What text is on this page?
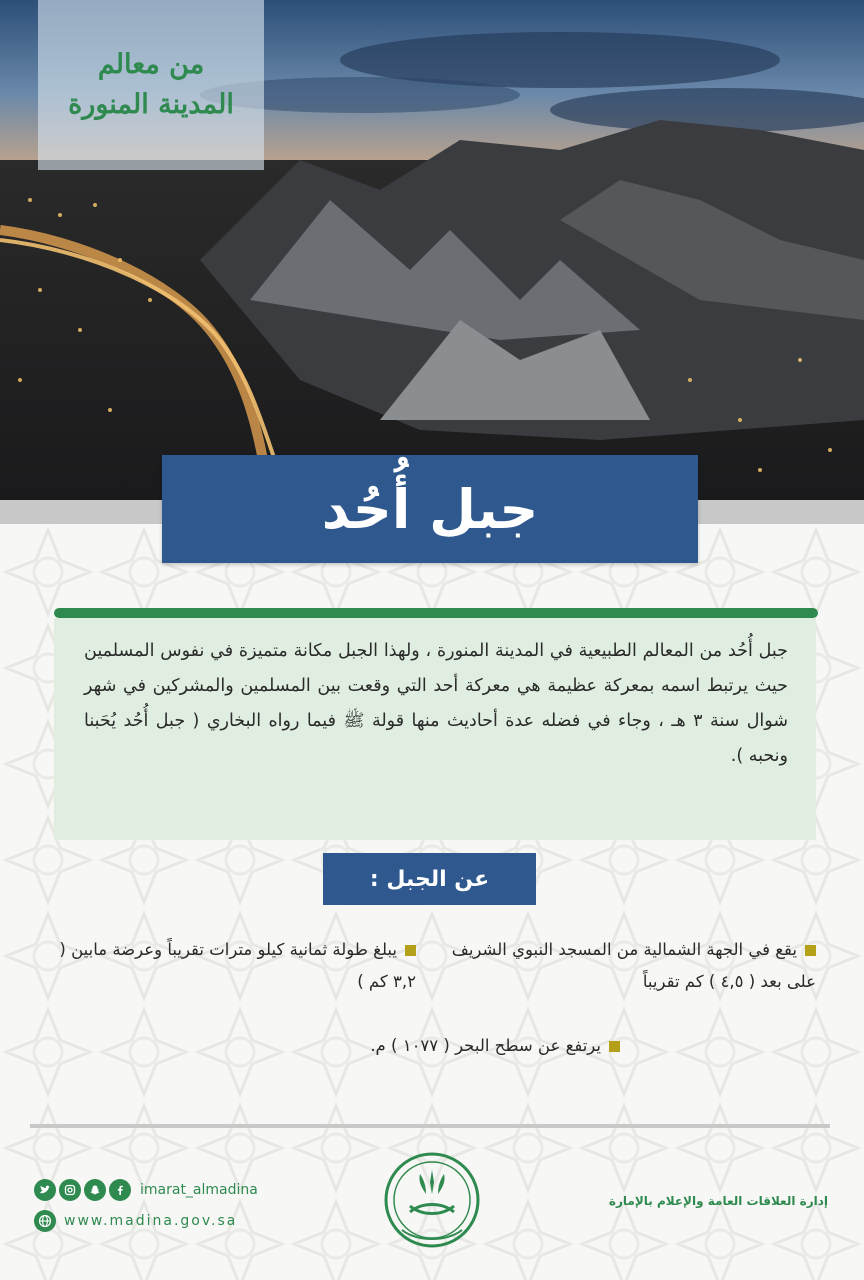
من معالم
المدينة المنورة
جبل أُحُد

جبل أُحُد من المعالم الطبيعية في المدينة المنورة ، ولهذا الجبل مكانة متميزة في نفوس المسلمين حيث يرتبط اسمه بمعركة عظيمة هي معركة أحد التي وقعت بين المسلمين والمشركين في شهر شوال سنة ٣ هـ ، وجاء في فضله عدة أحاديث منها قولة ﷺ فيما رواه البخاري ( جبل أُحُد يُحَبنا ونحبه ).

عن الجبل :
يقع في الجهة الشمالية من المسجد النبوي الشريف على بعد ( ٤,٥ ) كم تقريباً
يبلغ طولة ثمانية كيلو مترات تقريباً وعرضة مابين ( ٣,٢ كم )
يرتفع عن سطح البحر ( ١٠٧٧ ) م.
imarat_almadina
www.madina.gov.sa
إدارة العلاقات العامة والإعلام بالإمارة
